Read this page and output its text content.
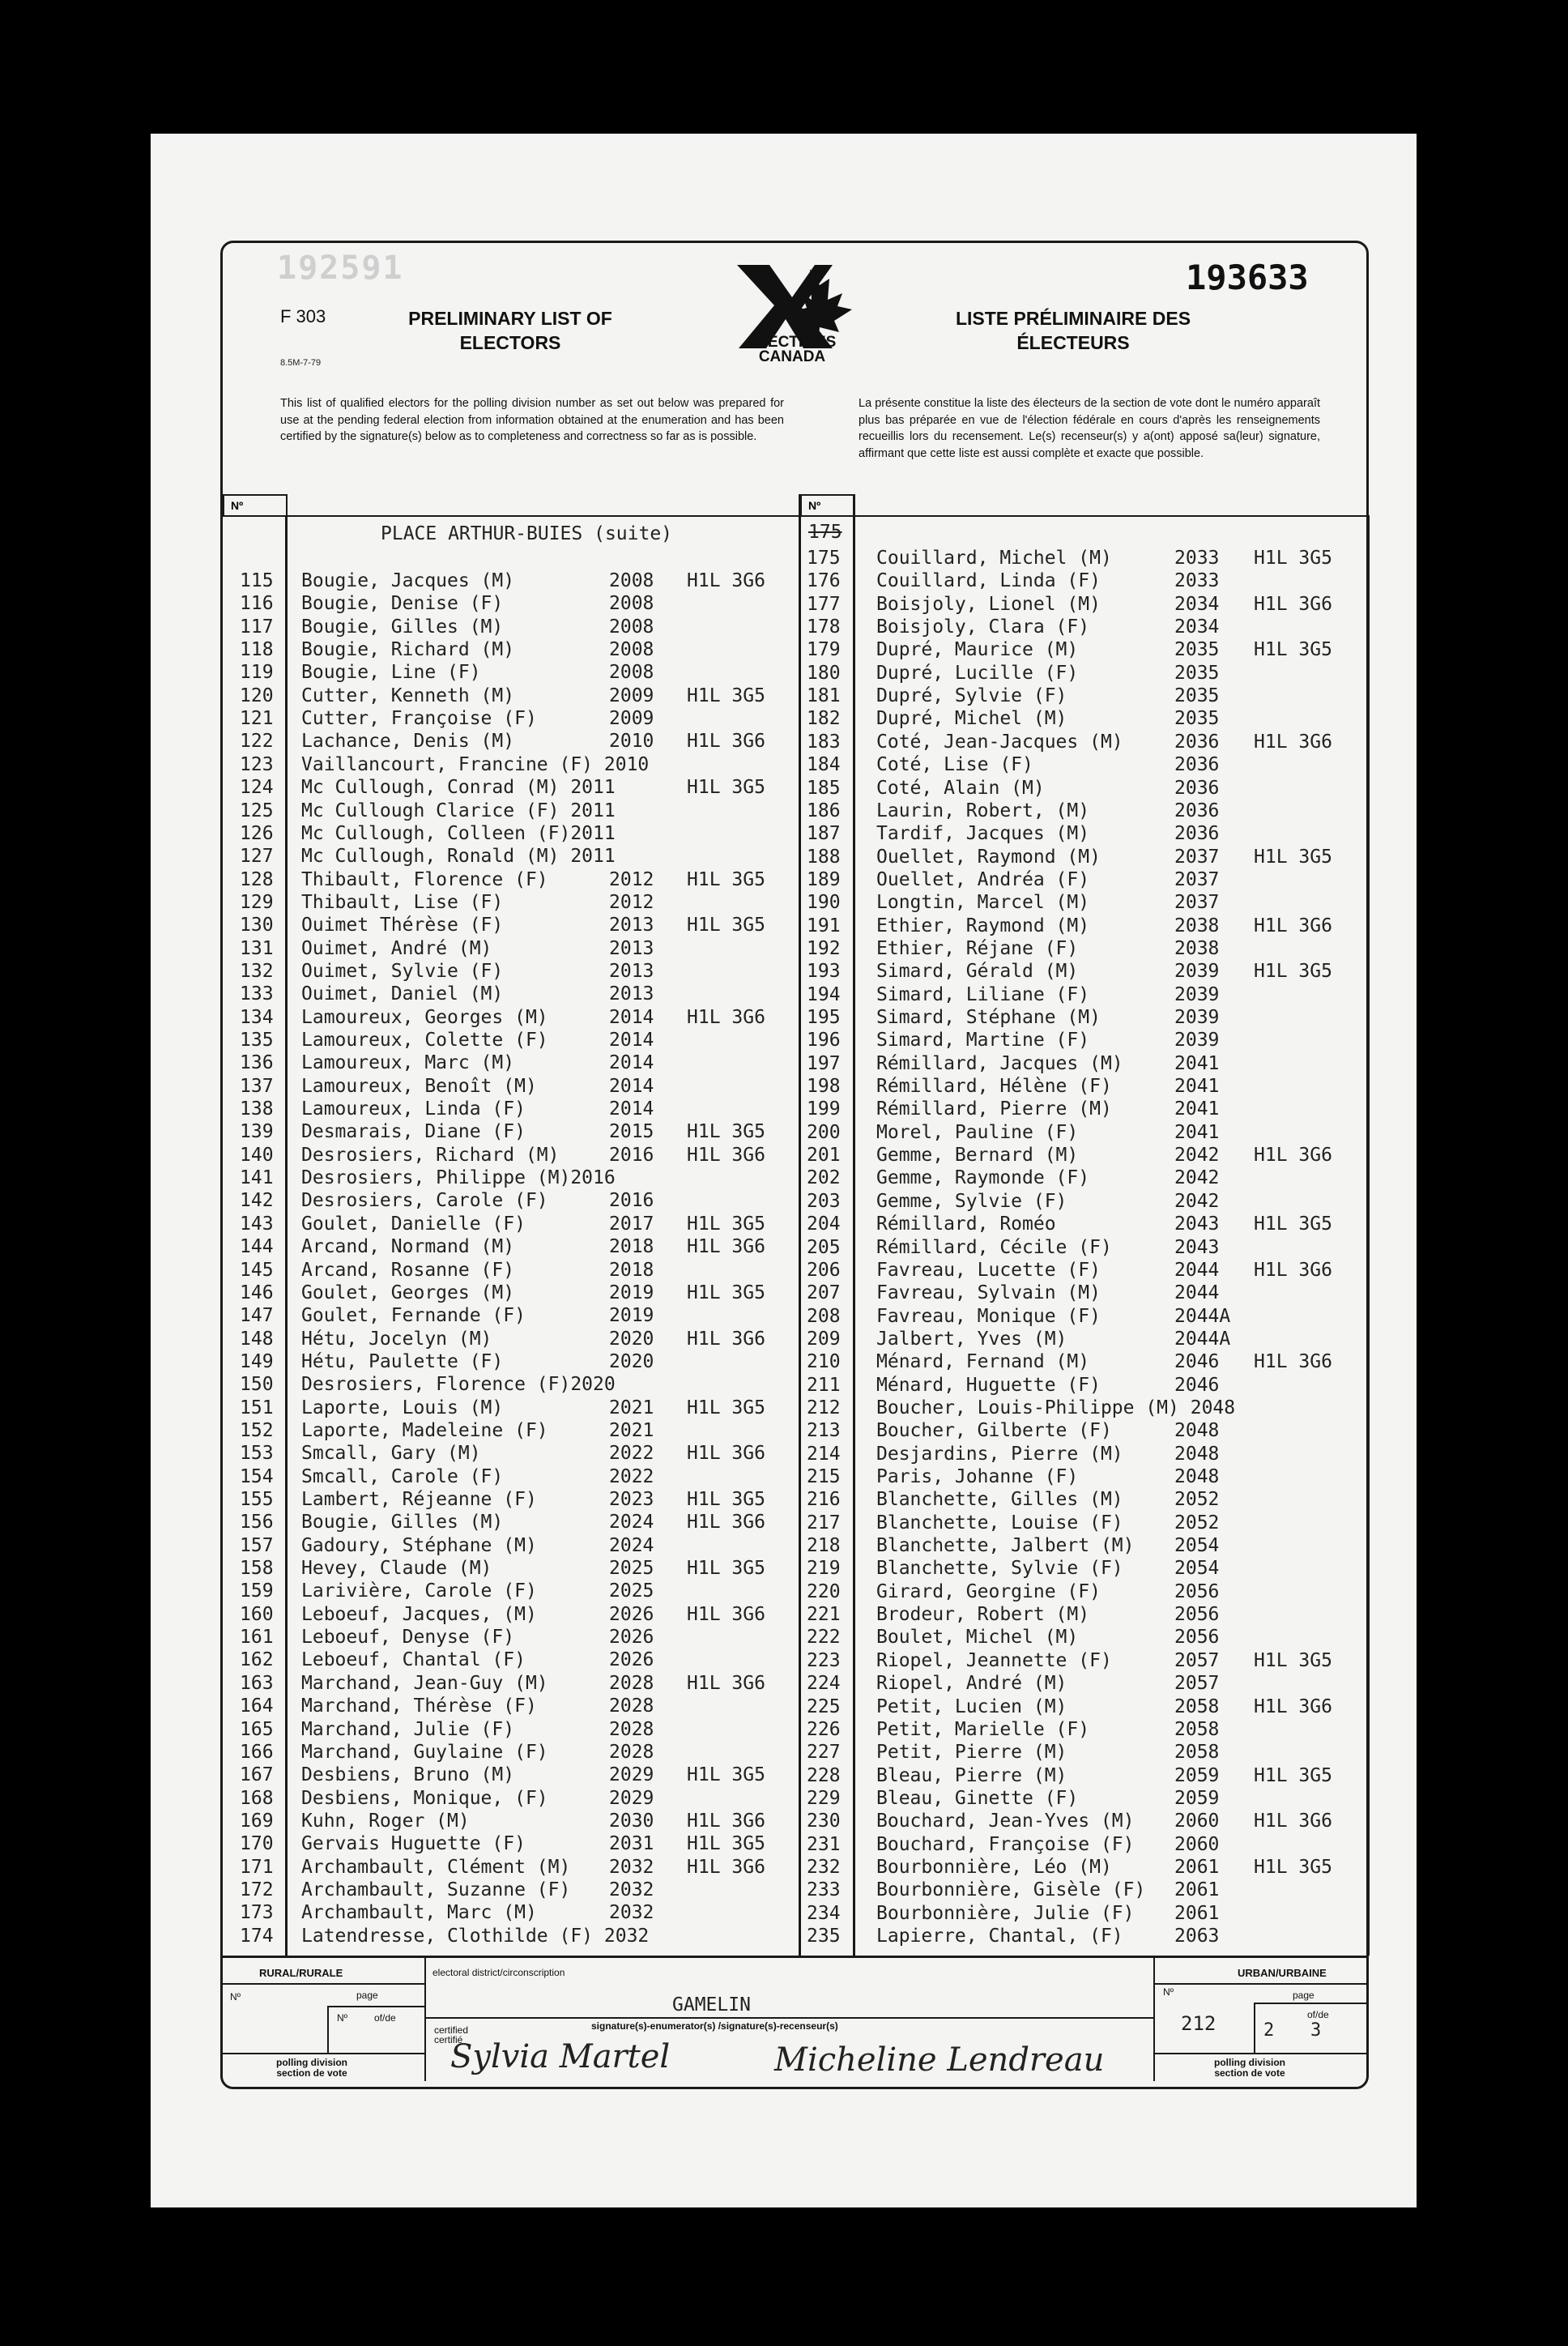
192591	193633
F 303
8.5M-7-79
PRELIMINARY LIST OF ELECTORS	ELECTIONS CANADA
LISTE PRÉLIMINAIRE DES ÉLECTEURS
This list of qualified electors for the polling division number as set out below was prepared for use at the pending federal election from information obtained at the enumeration and has been certified by the signature(s) below as to completeness and correctness so far as is possible.
La présente constitue la liste des électeurs de la section de vote dont le numéro apparaît plus bas préparée en vue de l'élection fédérale en cours d'après les renseignements recueillis lors du recensement. Le(s) recenseur(s) y a(ont) apposé sa(leur) signature, affirmant que cette liste est aussi complète et exacte que possible.
Nº	Nº
PLACE ARTHUR-BUIES (suite)	175
115 Bougie, Jacques (M)	2008 H1L 3G6
116 Bougie, Denise (F)	2008
117 Bougie, Gilles (M)	2008
118 Bougie, Richard (M)	2008
119 Bougie, Line (F)	2008
120 Cutter, Kenneth (M)	2009 H1L 3G5
121 Cutter, Françoise (F)	2009
122 Lachance, Denis (M)	2010 H1L 3G6
123 Vaillancourt, Francine (F) 2010
124 Mc Cullough, Conrad (M) 2011	H1L 3G5
125 Mc Cullough Clarice (F) 2011
126 Mc Cullough, Colleen (F)2011
127 Mc Cullough, Ronald (M) 2011
128 Thibault, Florence (F)	2012 H1L 3G5
129 Thibault, Lise (F)	2012
130 Ouimet Thérèse (F)	2013 H1L 3G5
131 Ouimet, André (M)	2013
132 Ouimet, Sylvie (F)	2013
133 Ouimet, Daniel (M)	2013
134 Lamoureux, Georges (M)	2014 H1L 3G6
135 Lamoureux, Colette (F)	2014
136 Lamoureux, Marc (M)	2014
137 Lamoureux, Benoît (M)	2014
138 Lamoureux, Linda (F)	2014
139 Desmarais, Diane (F)	2015 H1L 3G5
140 Desrosiers, Richard (M)	2016 H1L 3G6
141 Desrosiers, Philippe (M)2016
142 Desrosiers, Carole (F)	2016
143 Goulet, Danielle (F)	2017 H1L 3G5
144 Arcand, Normand (M)	2018 H1L 3G6
145 Arcand, Rosanne (F)	2018
146 Goulet, Georges (M)	2019 H1L 3G5
147 Goulet, Fernande (F)	2019
148 Hétu, Jocelyn (M)	2020 H1L 3G6
149 Hétu, Paulette (F)	2020
150 Desrosiers, Florence (F)2020
151 Laporte, Louis (M)	2021 H1L 3G5
152 Laporte, Madeleine (F)	2021
153 Smcall, Gary (M)	2022 H1L 3G6
154 Smcall, Carole (F)	2022
155 Lambert, Réjeanne (F)	2023 H1L 3G5
156 Bougie, Gilles (M)	2024 H1L 3G6
157 Gadoury, Stéphane (M)	2024
158 Hevey, Claude (M)	2025 H1L 3G5
159 Larivière, Carole (F)	2025
160 Leboeuf, Jacques, (M)	2026 H1L 3G6
161 Leboeuf, Denyse (F)	2026
162 Leboeuf, Chantal (F)	2026
163 Marchand, Jean-Guy (M)	2028 H1L 3G6
164 Marchand, Thérèse (F)	2028
165 Marchand, Julie (F)	2028
166 Marchand, Guylaine (F)	2028
167 Desbiens, Bruno (M)	2029 H1L 3G5
168 Desbiens, Monique, (F)	2029
169 Kuhn, Roger (M)	2030 H1L 3G6
170 Gervais Huguette (F)	2031 H1L 3G5
171 Archambault, Clément (M) 2032 H1L 3G6
172 Archambault, Suzanne (F) 2032
173 Archambault, Marc (M)	2032
174 Latendresse, Clothilde (F) 2032
175 Couillard, Michel (M)	2033 H1L 3G5
176 Couillard, Linda (F)	2033
177 Boisjoly, Lionel (M)	2034 H1L 3G6
178 Boisjoly, Clara (F)	2034
179 Dupré, Maurice (M)	2035 H1L 3G5
180 Dupré, Lucille (F)	2035
181 Dupré, Sylvie (F)	2035
182 Dupré, Michel (M)	2035
183 Coté, Jean-Jacques (M)	2036 H1L 3G6
184 Coté, Lise (F)	2036
185 Coté, Alain (M)	2036
186 Laurin, Robert, (M)	2036
187 Tardif, Jacques (M)	2036
188 Ouellet, Raymond (M)	2037 H1L 3G5
189 Ouellet, Andréa (F)	2037
190 Longtin, Marcel (M)	2037
191 Ethier, Raymond (M)	2038 H1L 3G6
192 Ethier, Réjane (F)	2038
193 Simard, Gérald (M)	2039 H1L 3G5
194 Simard, Liliane (F)	2039
195 Simard, Stéphane (M)	2039
196 Simard, Martine (F)	2039
197 Rémillard, Jacques (M)	2041
198 Rémillard, Hélène (F)	2041
199 Rémillard, Pierre (M)	2041
200 Morel, Pauline (F)	2041
201 Gemme, Bernard (M)	2042 H1L 3G6
202 Gemme, Raymonde (F)	2042
203 Gemme, Sylvie (F)	2042
204 Rémillard, Roméo	2043 H1L 3G5
205 Rémillard, Cécile (F)	2043
206 Favreau, Lucette (F)	2044 H1L 3G6
207 Favreau, Sylvain (M)	2044
208 Favreau, Monique (F)	2044A
209 Jalbert, Yves (M)	2044A
210 Ménard, Fernand (M)	2046 H1L 3G6
211 Ménard, Huguette (F)	2046
212 Boucher, Louis-Philippe (M) 2048
213 Boucher, Gilberte (F)	2048
214 Desjardins, Pierre (M)	2048
215 Paris, Johanne (F)	2048
216 Blanchette, Gilles (M)	2052
217 Blanchette, Louise (F)	2052
218 Blanchette, Jalbert (M) 2054
219 Blanchette, Sylvie (F)	2054
220 Girard, Georgine (F)	2056
221 Brodeur, Robert (M)	2056
222 Boulet, Michel (M)	2056
223 Riopel, Jeannette (F)	2057 H1L 3G5
224 Riopel, André (M)	2057
225 Petit, Lucien (M)	2058 H1L 3G6
226 Petit, Marielle (F)	2058
227 Petit, Pierre (M)	2058
228 Bleau, Pierre (M)	2059 H1L 3G5
229 Bleau, Ginette (F)	2059
230 Bouchard, Jean-Yves (M) 2060 H1L 3G6
231 Bouchard, Françoise (F) 2060
232 Bourbonnière, Léo (M)	2061 H1L 3G5
233 Bourbonnière, Gisèle (F) 2061
234 Bourbonnière, Julie (F) 2061
235 Lapierre, Chantal, (F)	2063
RURAL/RURALE	electoral district/circonscription	URBAN/URBAINE
Nº	page
Nº	of/de
polling division section de vote
GAMELIN
signature(s)-enumerator(s) /signature(s)-recenseur(s)
certified certifié
Sylvia Martel	Micheline Lendreau
Nº	page
212	of/de
2 3
polling division section de vote
